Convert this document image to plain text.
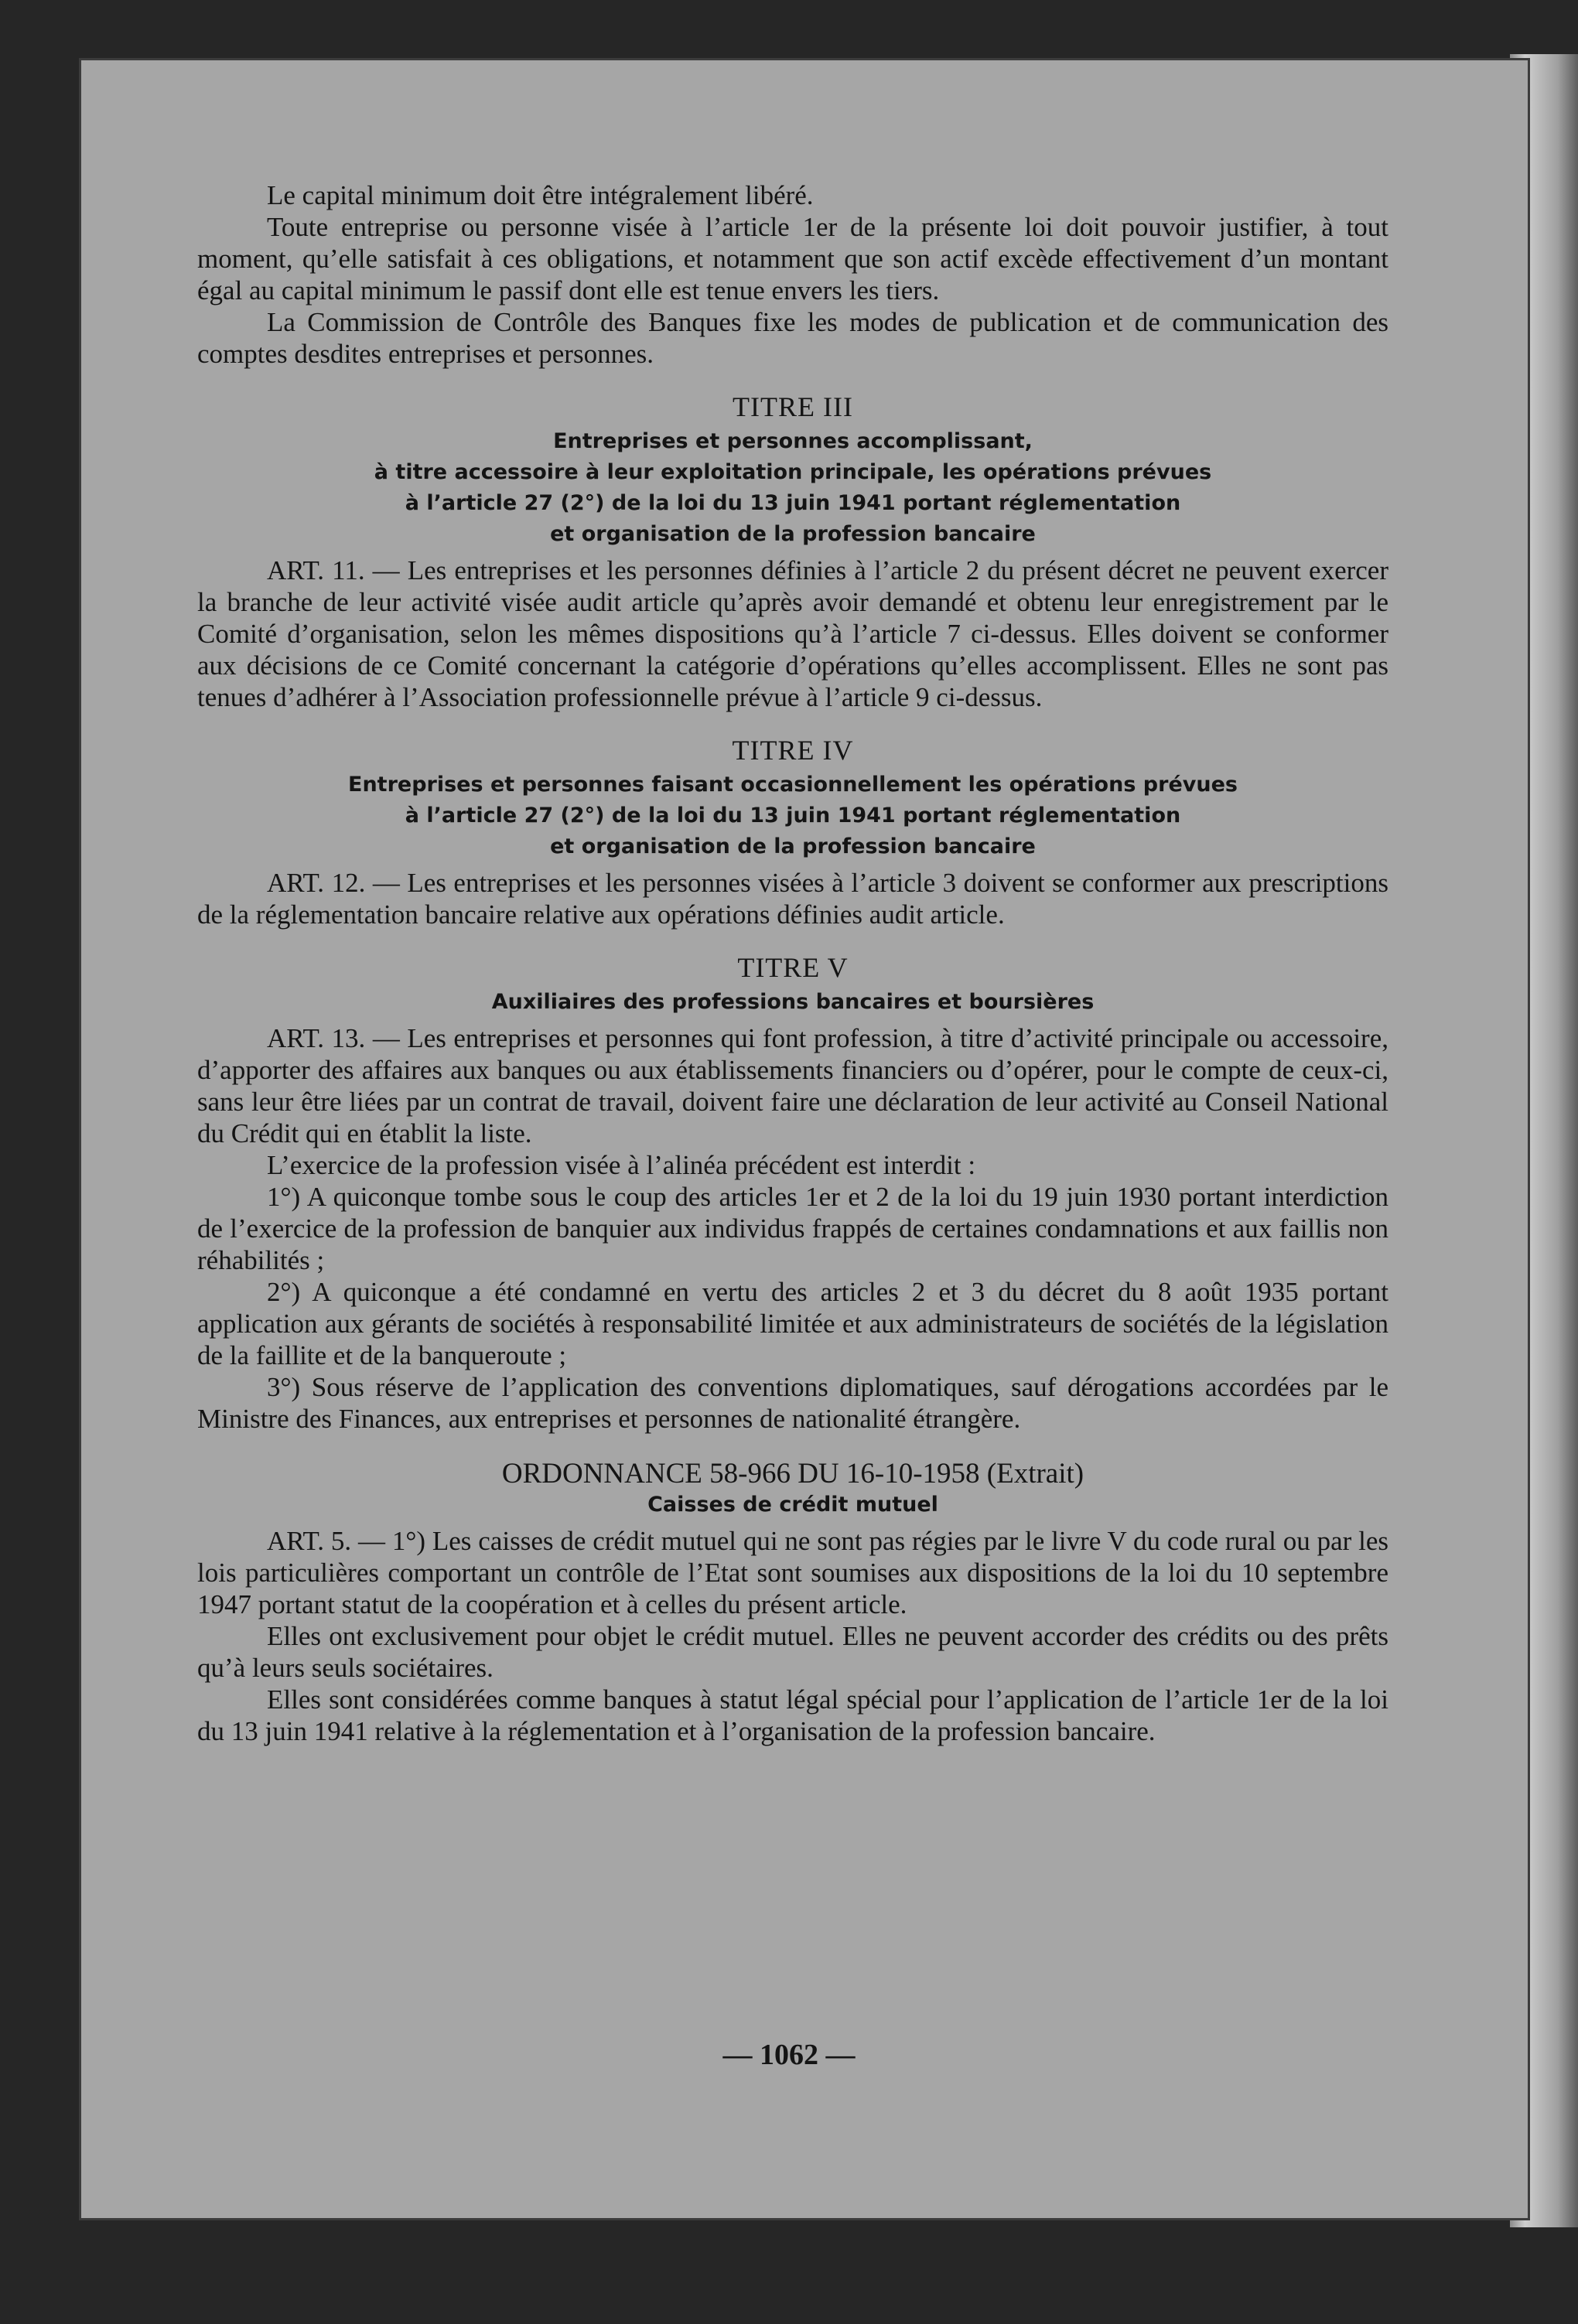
Le capital minimum doit être intégralement libéré.

Toute entreprise ou personne visée à l’article 1er de la présente loi doit pouvoir justifier, à tout moment, qu’elle satisfait à ces obligations, et notamment que son actif excède effectivement d’un montant égal au capital minimum le passif dont elle est tenue envers les tiers.

La Commission de Contrôle des Banques fixe les modes de publication et de communication des comptes desdites entreprises et personnes.

TITRE III

Entreprises et personnes accomplissant,
à titre accessoire à leur exploitation principale, les opérations prévues
à l’article 27 (2°) de la loi du 13 juin 1941 portant réglementation
et organisation de la profession bancaire

ART. 11. — Les entreprises et les personnes définies à l’article 2 du présent décret ne peuvent exercer la branche de leur activité visée audit article qu’après avoir demandé et obtenu leur enregistrement par le Comité d’organisation, selon les mêmes dispositions qu’à l’article 7 ci-dessus. Elles doivent se conformer aux décisions de ce Comité concernant la catégorie d’opérations qu’elles accomplissent. Elles ne sont pas tenues d’adhérer à l’Association professionnelle prévue à l’article 9 ci-dessus.

TITRE IV

Entreprises et personnes faisant occasionnellement les opérations prévues
à l’article 27 (2°) de la loi du 13 juin 1941 portant réglementation
et organisation de la profession bancaire

ART. 12. — Les entreprises et les personnes visées à l’article 3 doivent se conformer aux prescriptions de la réglementation bancaire relative aux opérations définies audit article.

TITRE V

Auxiliaires des professions bancaires et boursières

ART. 13. — Les entreprises et personnes qui font profession, à titre d’activité principale ou accessoire, d’apporter des affaires aux banques ou aux établissements financiers ou d’opérer, pour le compte de ceux-ci, sans leur être liées par un contrat de travail, doivent faire une déclaration de leur activité au Conseil National du Crédit qui en établit la liste.

L’exercice de la profession visée à l’alinéa précédent est interdit :

1°) A quiconque tombe sous le coup des articles 1er et 2 de la loi du 19 juin 1930 portant interdiction de l’exercice de la profession de banquier aux individus frappés de certaines condamnations et aux faillis non réhabilités ;

2°) A quiconque a été condamné en vertu des articles 2 et 3 du décret du 8 août 1935 portant application aux gérants de sociétés à responsabilité limitée et aux administrateurs de sociétés de la législation de la faillite et de la banqueroute ;

3°) Sous réserve de l’application des conventions diplomatiques, sauf dérogations accordées par le Ministre des Finances, aux entreprises et personnes de nationalité étrangère.

ORDONNANCE 58-966 DU 16-10-1958 (Extrait)

Caisses de crédit mutuel

ART. 5. — 1°) Les caisses de crédit mutuel qui ne sont pas régies par le livre V du code rural ou par les lois particulières comportant un contrôle de l’Etat sont soumises aux dispositions de la loi du 10 septembre 1947 portant statut de la coopération et à celles du présent article.

Elles ont exclusivement pour objet le crédit mutuel. Elles ne peuvent accorder des crédits ou des prêts qu’à leurs seuls sociétaires.

Elles sont considérées comme banques à statut légal spécial pour l’application de l’article 1er de la loi du 13 juin 1941 relative à la réglementation et à l’organisation de la profession bancaire.

— 1062 —
